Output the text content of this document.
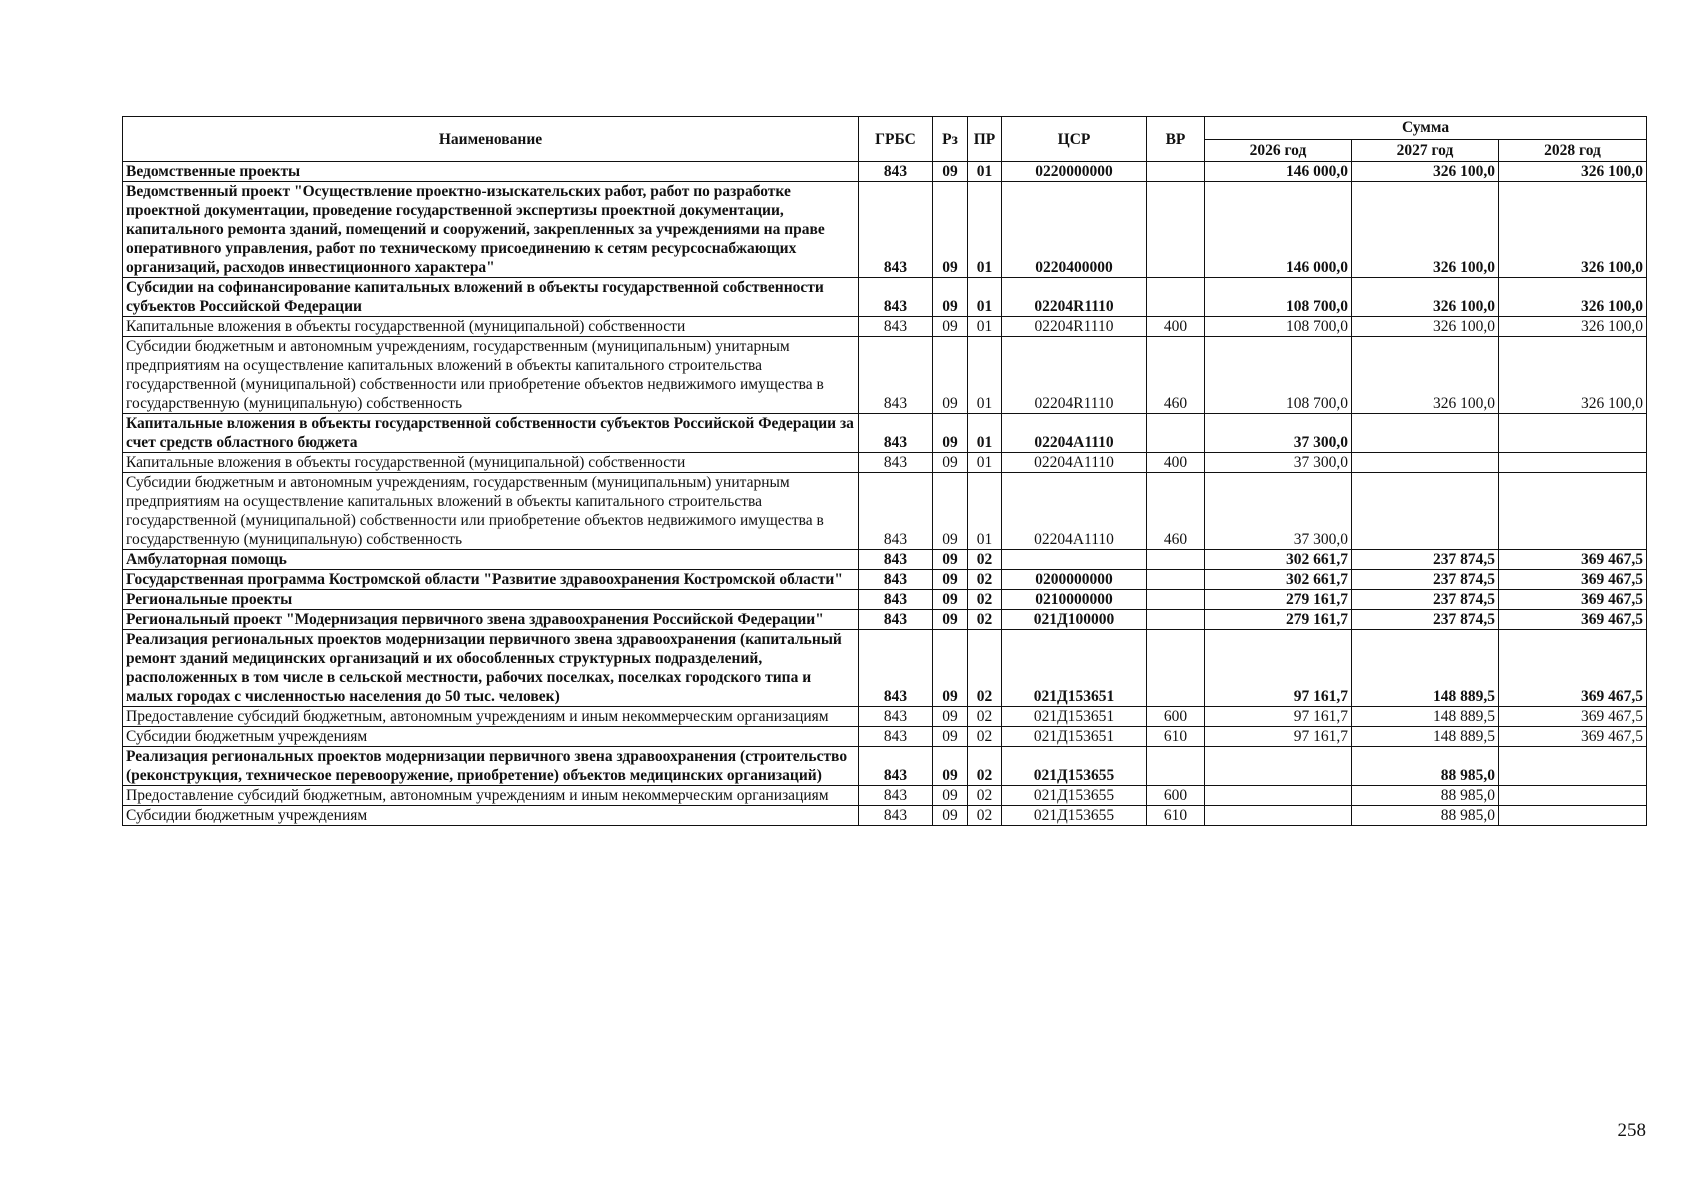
Наименование	ГРБС	Рз	ПР	ЦСР	ВР	Сумма		
						2026 год	2027 год	2028 год
Ведомственные проекты	843	09	01	0220000000		146 000,0	326 100,0	326 100,0
Ведомственный проект "Осуществление проектно-изыскательских работ, работ по разработке проектной документации, проведение государственной экспертизы проектной документации, капитального ремонта зданий, помещений и сооружений, закрепленных за учреждениями на праве оперативного управления, работ по техническому присоединению к сетям ресурсоснабжающих организаций, расходов инвестиционного характера"	843	09	01	0220400000		146 000,0	326 100,0	326 100,0
Субсидии на софинансирование капитальных вложений в объекты государственной собственности субъектов Российской Федерации	843	09	01	02204R1110		108 700,0	326 100,0	326 100,0
Капитальные вложения в объекты государственной (муниципальной) собственности	843	09	01	02204R1110	400	108 700,0	326 100,0	326 100,0
Субсидии бюджетным и автономным учреждениям, государственным (муниципальным) унитарным предприятиям на осуществление капитальных вложений в объекты капитального строительства государственной (муниципальной) собственности или приобретение объектов недвижимого имущества в государственную (муниципальную) собственность	843	09	01	02204R1110	460	108 700,0	326 100,0	326 100,0
Капитальные вложения в объекты государственной собственности субъектов Российской Федерации за счет средств областного бюджета	843	09	01	02204A1110		37 300,0		
Капитальные вложения в объекты государственной (муниципальной) собственности	843	09	01	02204A1110	400	37 300,0		
Субсидии бюджетным и автономным учреждениям, государственным (муниципальным) унитарным предприятиям на осуществление капитальных вложений в объекты капитального строительства государственной (муниципальной) собственности или приобретение объектов недвижимого имущества в государственную (муниципальную) собственность	843	09	01	02204A1110	460	37 300,0		
Амбулаторная помощь	843	09	02			302 661,7	237 874,5	369 467,5
Государственная программа Костромской области "Развитие здравоохранения Костромской области"	843	09	02	0200000000		302 661,7	237 874,5	369 467,5
Региональные проекты	843	09	02	0210000000		279 161,7	237 874,5	369 467,5
Региональный проект "Модернизация первичного звена здравоохранения Российской Федерации"	843	09	02	021Д100000		279 161,7	237 874,5	369 467,5
Реализация региональных проектов модернизации первичного звена здравоохранения (капитальный ремонт зданий медицинских организаций и их обособленных структурных подразделений, расположенных в том числе в сельской местности, рабочих поселках, поселках городского типа и малых городах с численностью населения до 50 тыс. человек)	843	09	02	021Д153651		97 161,7	148 889,5	369 467,5
Предоставление субсидий бюджетным, автономным учреждениям и иным некоммерческим организациям	843	09	02	021Д153651	600	97 161,7	148 889,5	369 467,5
Субсидии бюджетным учреждениям	843	09	02	021Д153651	610	97 161,7	148 889,5	369 467,5
Реализация региональных проектов модернизации первичного звена здравоохранения (строительство (реконструкция, техническое перевооружение, приобретение) объектов медицинских организаций)	843	09	02	021Д153655			88 985,0	
Предоставление субсидий бюджетным, автономным учреждениям и иным некоммерческим организациям	843	09	02	021Д153655	600		88 985,0	
Субсидии бюджетным учреждениям	843	09	02	021Д153655	610		88 985,0	
258
